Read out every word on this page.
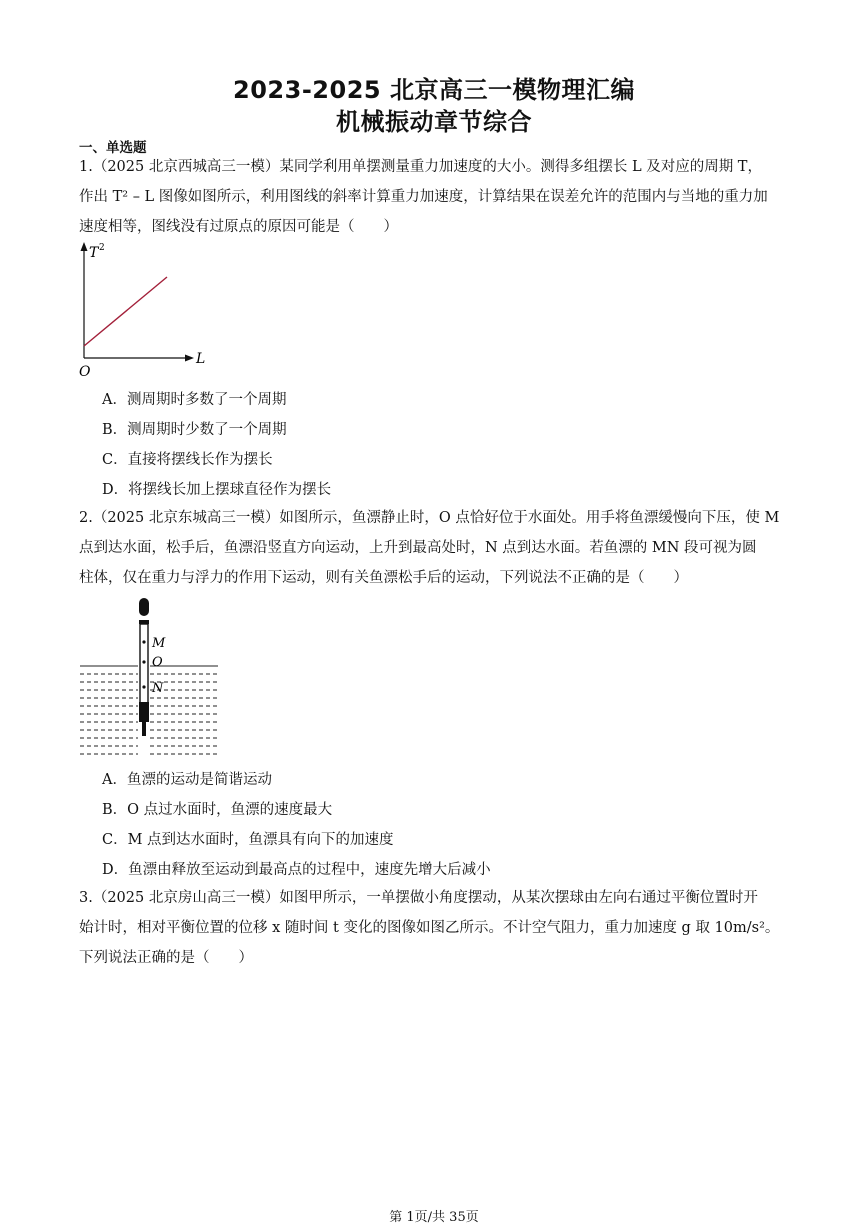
2023-2025 北京高三一模物理汇编
机械振动章节综合
一、单选题
1.（2025 北京西城高三一模）某同学利用单摆测量重力加速度的大小。测得多组摆长 L 及对应的周期 T，
作出 T² – L 图像如图所示，利用图线的斜率计算重力加速度，计算结果在误差允许的范围内与当地的重力加
速度相等，图线没有过原点的原因可能是（　　）
T 2
L
O
A．测周期时多数了一个周期
B．测周期时少数了一个周期
C．直接将摆线长作为摆长
D．将摆线长加上摆球直径作为摆长
2.（2025 北京东城高三一模）如图所示，鱼漂静止时，O 点恰好位于水面处。用手将鱼漂缓慢向下压，使 M
点到达水面，松手后，鱼漂沿竖直方向运动，上升到最高处时，N 点到达水面。若鱼漂的 MN 段可视为圆
柱体，仅在重力与浮力的作用下运动，则有关鱼漂松手后的运动，下列说法不正确的是（　　）
M
O
N
A．鱼漂的运动是简谐运动
B．O 点过水面时，鱼漂的速度最大
C．M 点到达水面时，鱼漂具有向下的加速度
D．鱼漂由释放至运动到最高点的过程中，速度先增大后减小
3.（2025 北京房山高三一模）如图甲所示，一单摆做小角度摆动，从某次摆球由左向右通过平衡位置时开
始计时，相对平衡位置的位移 x 随时间 t 变化的图像如图乙所示。不计空气阻力，重力加速度 g 取 10m/s²。
下列说法正确的是（　　）
第 1页/共 35页
